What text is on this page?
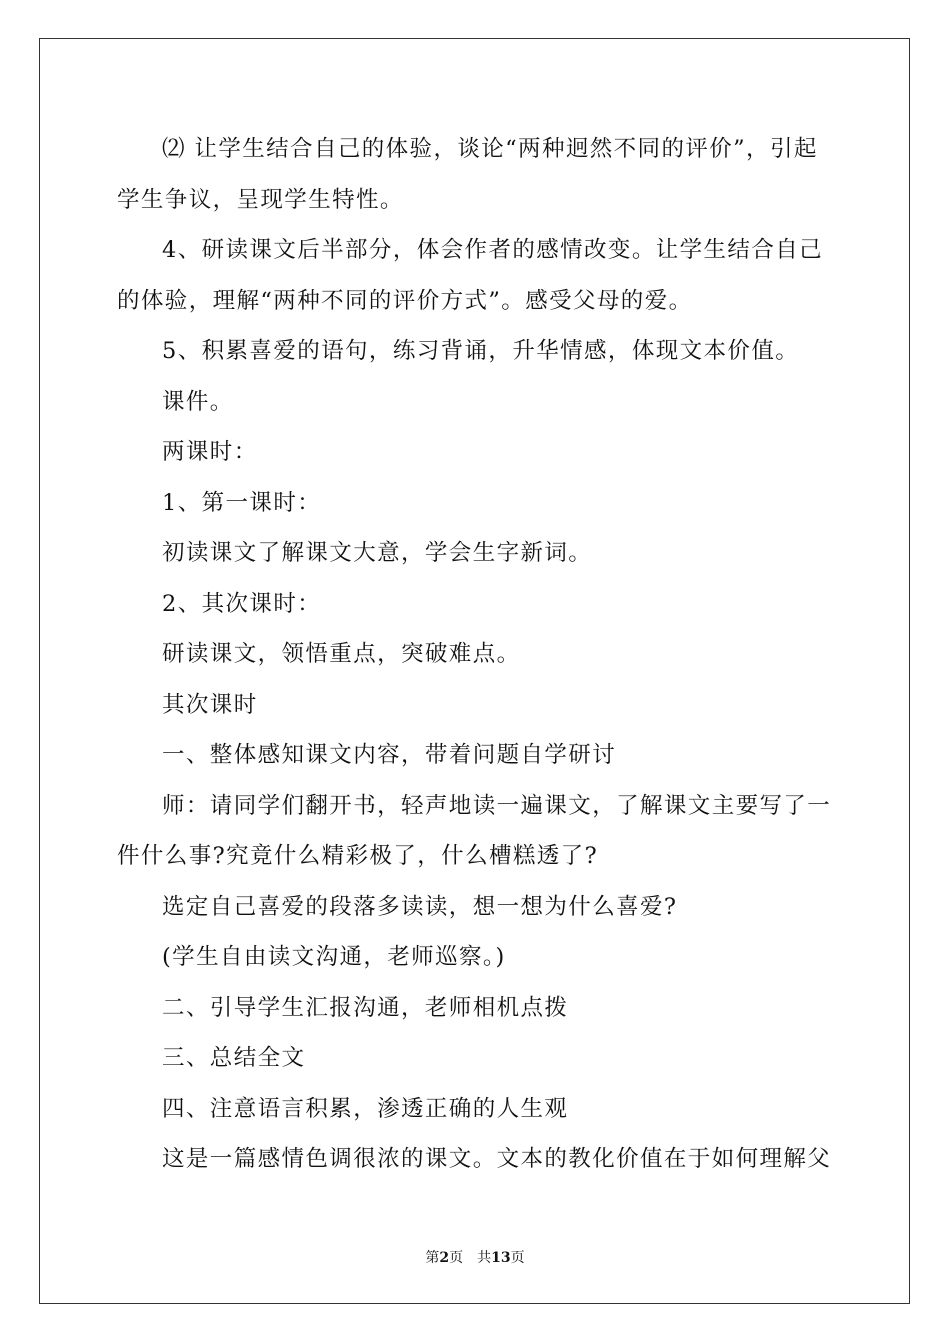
⑵ 让学生结合自己的体验，谈论“两种迥然不同的评价”，引起学生争议，呈现学生特性。

4、研读课文后半部分，体会作者的感情改变。让学生结合自己的体验，理解“两种不同的评价方式”。感受父母的爱。

5、积累喜爱的语句，练习背诵，升华情感，体现文本价值。

课件。

两课时：

1、第一课时：

初读课文了解课文大意，学会生字新词。

2、其次课时：

研读课文，领悟重点，突破难点。

其次课时

一、整体感知课文内容，带着问题自学研讨

师：请同学们翻开书，轻声地读一遍课文，了解课文主要写了一件什么事?究竟什么精彩极了，什么槽糕透了?

选定自己喜爱的段落多读读，想一想为什么喜爱?

(学生自由读文沟通，老师巡察。)

二、引导学生汇报沟通，老师相机点拨

三、总结全文

四、注意语言积累，渗透正确的人生观

这是一篇感情色调很浓的课文。文本的教化价值在于如何理解父

第2页 共13页
